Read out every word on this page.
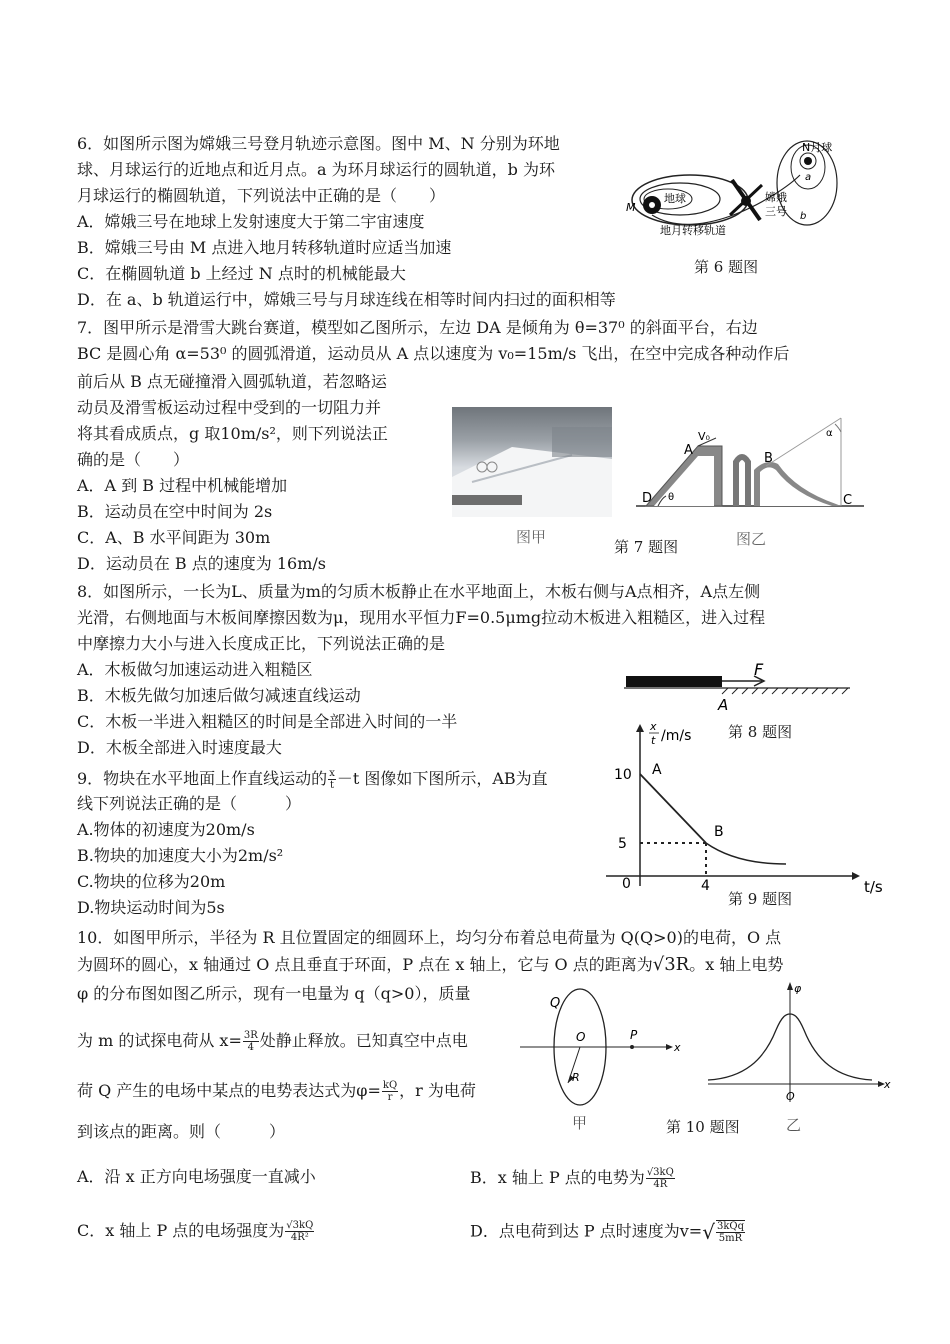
6．如图所示图为嫦娥三号登月轨迹示意图。图中 M、N 分别为环地
球、月球运行的近地点和近月点。a 为环月球运行的圆轨道，b 为环
月球运行的椭圆轨道，下列说法中正确的是（　　）
A．嫦娥三号在地球上发射速度大于第二宇宙速度
B．嫦娥三号由 M 点进入地月转移轨道时应适当加速
C．在椭圆轨道 b 上经过 N 点时的机械能最大
D．在 a、b 轨道运行中，嫦娥三号与月球连线在相等时间内扫过的面积相等
N月球
地球
M
a
b
嫦娥
三号
地月转移轨道
第 6 题图
7．图甲所示是滑雪大跳台赛道，模型如乙图所示，左边 DA 是倾角为 θ=37⁰ 的斜面平台，右边
BC 是圆心角 α=53⁰ 的圆弧滑道，运动员从 A 点以速度为 v₀=15m/s 飞出，在空中完成各种动作后
前后从 B 点无碰撞滑入圆弧轨道，若忽略运
动员及滑雪板运动过程中受到的一切阻力并
将其看成质点，g 取10m/s²，则下列说法正
确的是（　　）
A．A 到 B 过程中机械能增加
B．运动员在空中时间为 2s
C．A、B 水平间距为 30m
D．运动员在 B 点的速度为 16m/s
图甲
A
V₀
B
D θ	C
α
第 7 题图	图乙
8．如图所示，一长为L、质量为m的匀质木板静止在水平地面上，木板右侧与A点相齐，A点左侧
光滑，右侧地面与木板间摩擦因数为μ，现用水平恒力F=0.5μmg拉动木板进入粗糙区，进入过程
中摩擦力大小与进入长度成正比，下列说法正确的是
A．木板做匀加速运动进入粗糙区
B．木板先做匀加速后做匀减速直线运动
C．木板一半进入粗糙区的时间是全部进入时间的一半
D．木板全部进入时速度最大
F
A
第 8 题图
9．物块在水平地面上作直线运动的 $\frac{x}{t} -t$ 图像如下图所示，AB为直
线下列说法正确的是（　　　）
A.物体的初速度为20m/s
B.物块的加速度大小为2m/s²
C.物块的位移为20m
D.物块运动时间为5s
x
t /m/s
10
5
0	4
A
B
t/s
第 9 题图
10．如图甲所示，半径为 R 且位置固定的细圆环上，均匀分布着总电荷量为 Q(Q>0)的电荷，O 点
为圆环的圆心，x 轴通过 O 点且垂直于环面，P 点在 x 轴上，它与 O 点的距离为√3R。x 轴上电势
φ 的分布图如图乙所示，现有一电量为 q（q>0），质量
为 m 的试探电荷从 $x= \frac{3R}{4}$ 处静止释放。已知真空中点电
荷 Q 产生的电场中某点的电势表达式为$\varphi= \frac{kQ}{r}$ ，r 为电荷
到该点的距离。则（　　　）
Q
O	P
x
R
甲	第 10 题图
φ
O
x
乙
A．沿 x 正方向电场强度一直减小	B．x 轴上 P 点的电势为 $\frac{√3kQ}{4R}$
C．x 轴上 P 点的电场强度为 $\frac{√3kQ}{\text{4R²}}$	D．点电荷到达 P 点时速度为$v=√ \frac{\text{3kQq}}{5mR}$
